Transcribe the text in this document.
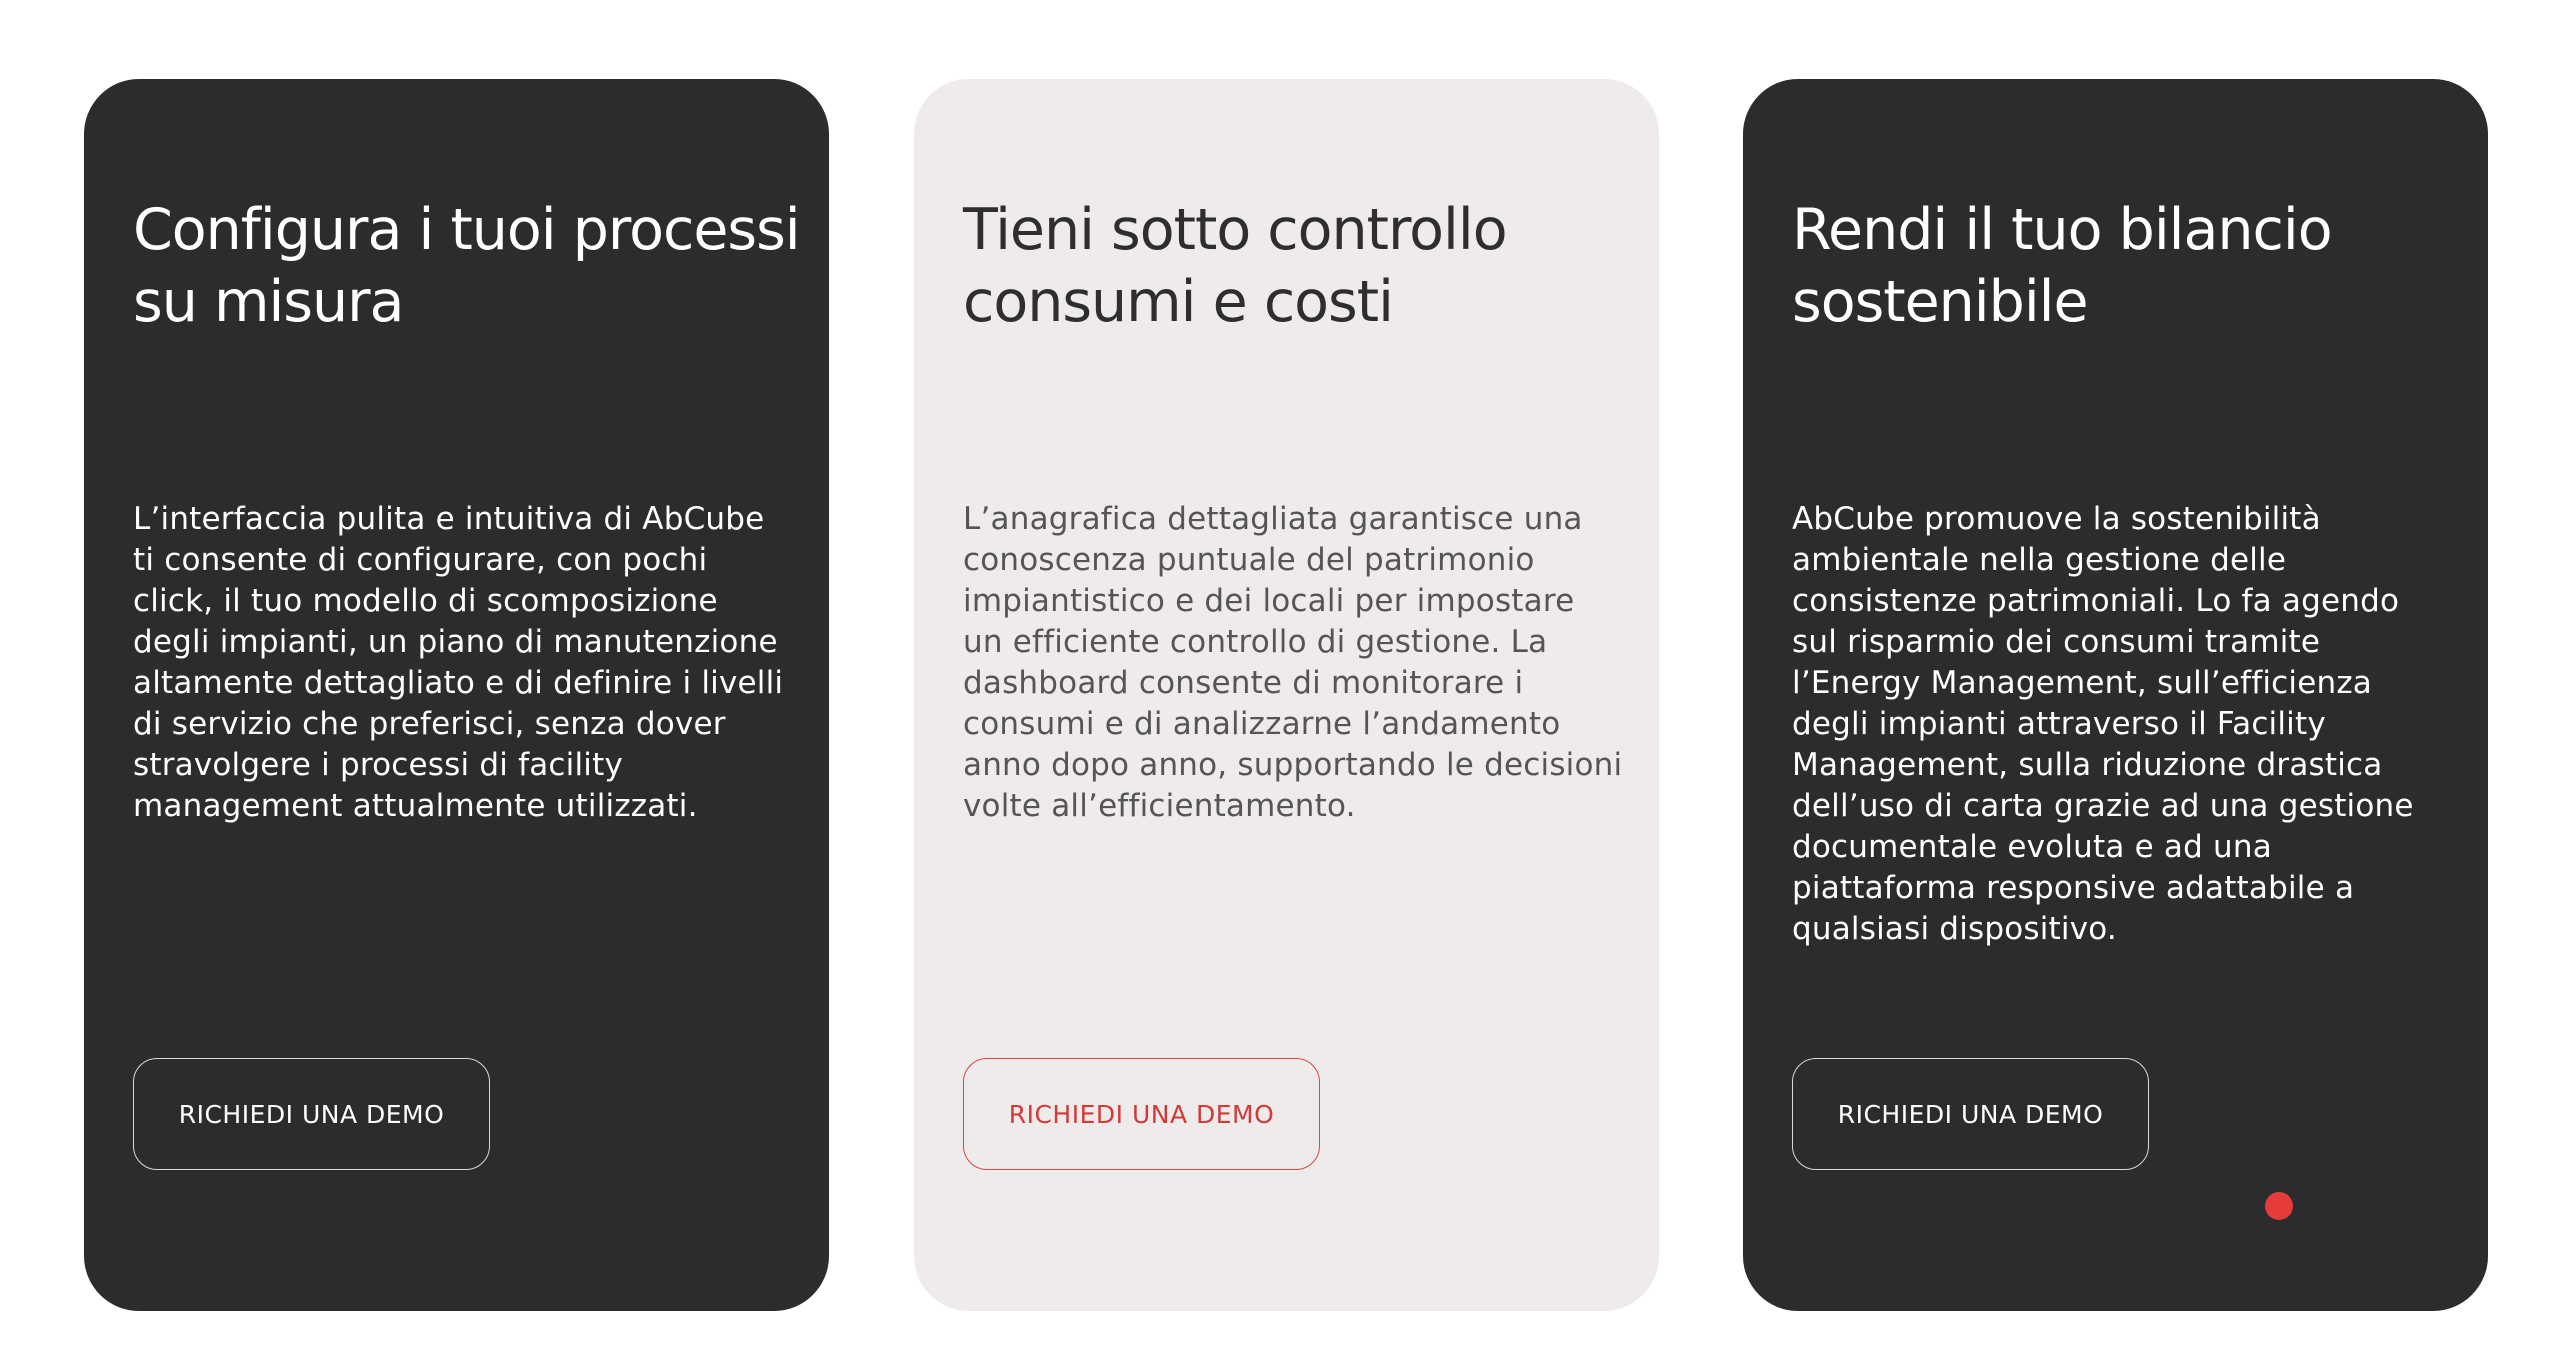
Configura i tuoi processi su misura

L’interfaccia pulita e intuitiva di AbCube ti consente di configurare, con pochi click, il tuo modello di scomposizione degli impianti, un piano di manutenzione altamente dettagliato e di definire i livelli di servizio che preferisci, senza dover stravolgere i processi di facility management attualmente utilizzati.

RICHIEDI UNA DEMO
Tieni sotto controllo consumi e costi

L’anagrafica dettagliata garantisce una conoscenza puntuale del patrimonio impiantistico e dei locali per impostare un efficiente controllo di gestione. La dashboard consente di monitorare i consumi e di analizzarne l’andamento anno dopo anno, supportando le decisioni volte all’efficientamento.

RICHIEDI UNA DEMO
Rendi il tuo bilancio sostenibile

AbCube promuove la sostenibilità ambientale nella gestione delle consistenze patrimoniali. Lo fa agendo sul risparmio dei consumi tramite l’Energy Management, sull’efficienza degli impianti attraverso il Facility Management, sulla riduzione drastica dell’uso di carta grazie ad una gestione documentale evoluta e ad una piattaforma responsive adattabile a qualsiasi dispositivo.

RICHIEDI UNA DEMO
